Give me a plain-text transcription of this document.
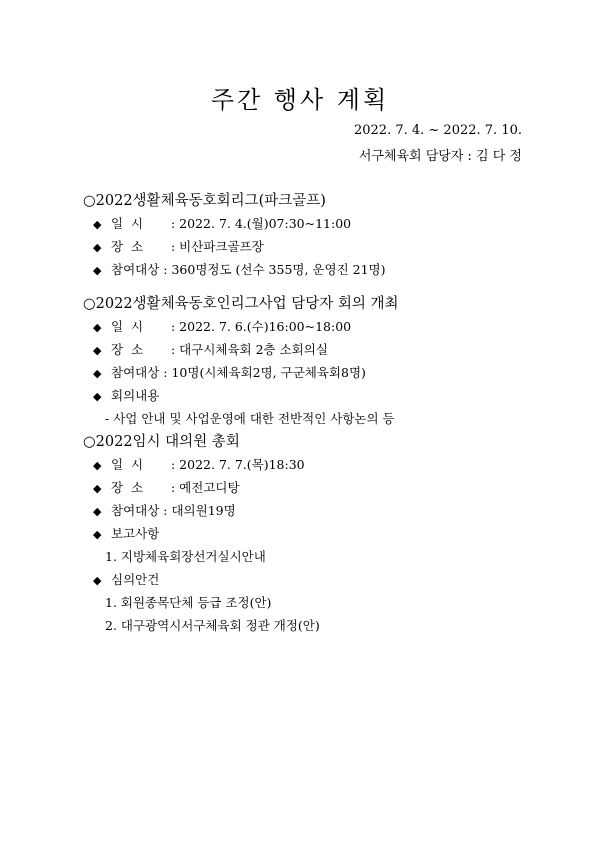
주간 행사 계획
2022. 7. 4. ~ 2022. 7. 10.
서구체육회 담당자 : 김 다 정
○2022생활체육동호회리그(파크골프)
◆ 일  시 : 2022. 7. 4.(월)07:30~11:00
◆ 장  소 : 비산파크골프장
◆ 참여대상 : 360명정도 (선수 355명, 운영진 21명)
○2022생활체육동호인리그사업 담당자 회의 개최
◆ 일  시 : 2022. 7. 6.(수)16:00~18:00
◆ 장  소 : 대구시체육회 2층 소회의실
◆ 참여대상 : 10명(시체육회2명, 구군체육회8명)
◆ 회의내용
- 사업 안내 및 사업운영에 대한 전반적인 사항논의 등
○2022임시 대의원 총회
◆ 일  시 : 2022. 7. 7.(목)18:30
◆ 장  소 : 예전고디탕
◆ 참여대상 : 대의원19명
◆ 보고사항
1. 지방체육회장선거실시안내
◆ 심의안건
1. 회원종목단체 등급 조정(안)
2. 대구광역시서구체육회 정관 개정(안)
